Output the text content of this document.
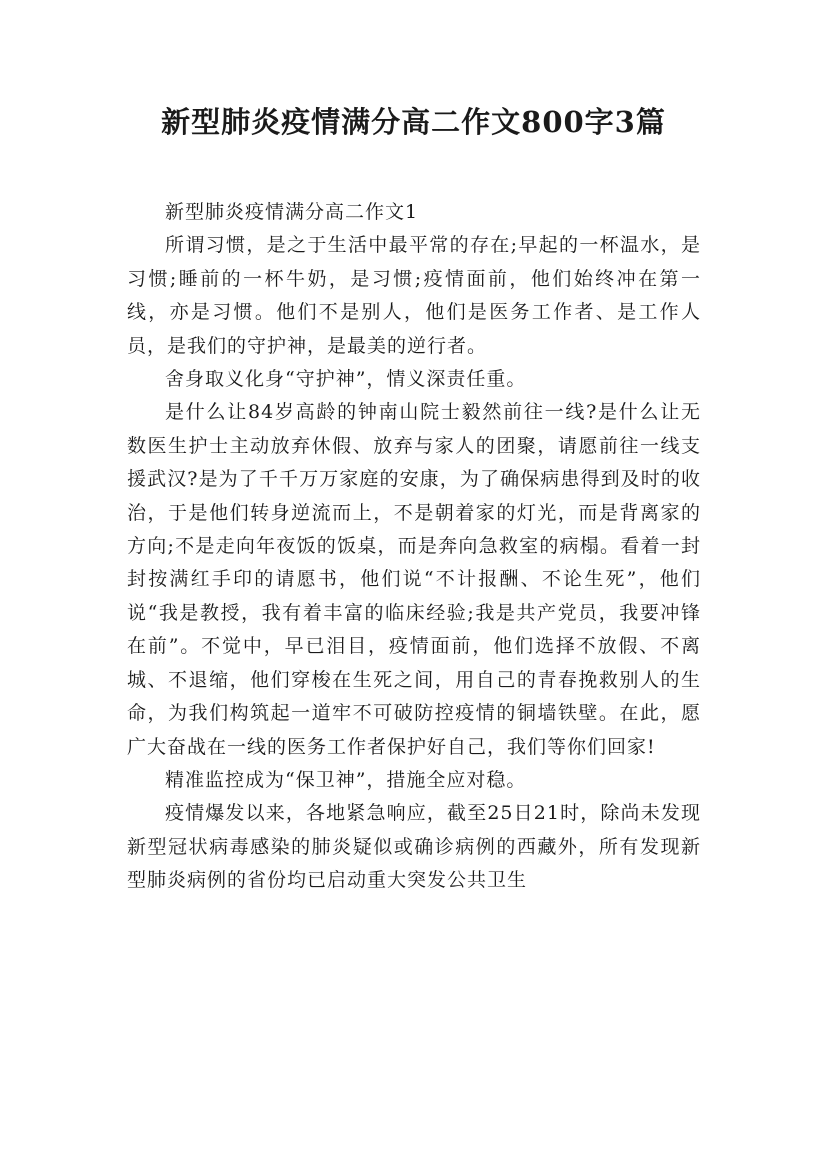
新型肺炎疫情满分高二作文800字3篇

新型肺炎疫情满分高二作文1

所谓习惯，是之于生活中最平常的存在;早起的一杯温水，是习惯;睡前的一杯牛奶，是习惯;疫情面前，他们始终冲在第一线，亦是习惯。他们不是别人，他们是医务工作者、是工作人员，是我们的守护神，是最美的逆行者。

舍身取义化身“守护神”，情义深责任重。

是什么让84岁高龄的钟南山院士毅然前往一线?是什么让无数医生护士主动放弃休假、放弃与家人的团聚，请愿前往一线支援武汉?是为了千千万万家庭的安康，为了确保病患得到及时的收治，于是他们转身逆流而上，不是朝着家的灯光，而是背离家的方向;不是走向年夜饭的饭桌，而是奔向急救室的病榻。看着一封封按满红手印的请愿书，他们说“不计报酬、不论生死”，他们说“我是教授，我有着丰富的临床经验;我是共产党员，我要冲锋在前”。不觉中，早已泪目，疫情面前，他们选择不放假、不离城、不退缩，他们穿梭在生死之间，用自己的青春挽救别人的生命，为我们构筑起一道牢不可破防控疫情的铜墙铁壁。在此，愿广大奋战在一线的医务工作者保护好自己，我们等你们回家!

精准监控成为“保卫神”，措施全应对稳。

疫情爆发以来，各地紧急响应，截至25日21时，除尚未发现新型冠状病毒感染的肺炎疑似或确诊病例的西藏外，所有发现新型肺炎病例的省份均已启动重大突发公共卫生
